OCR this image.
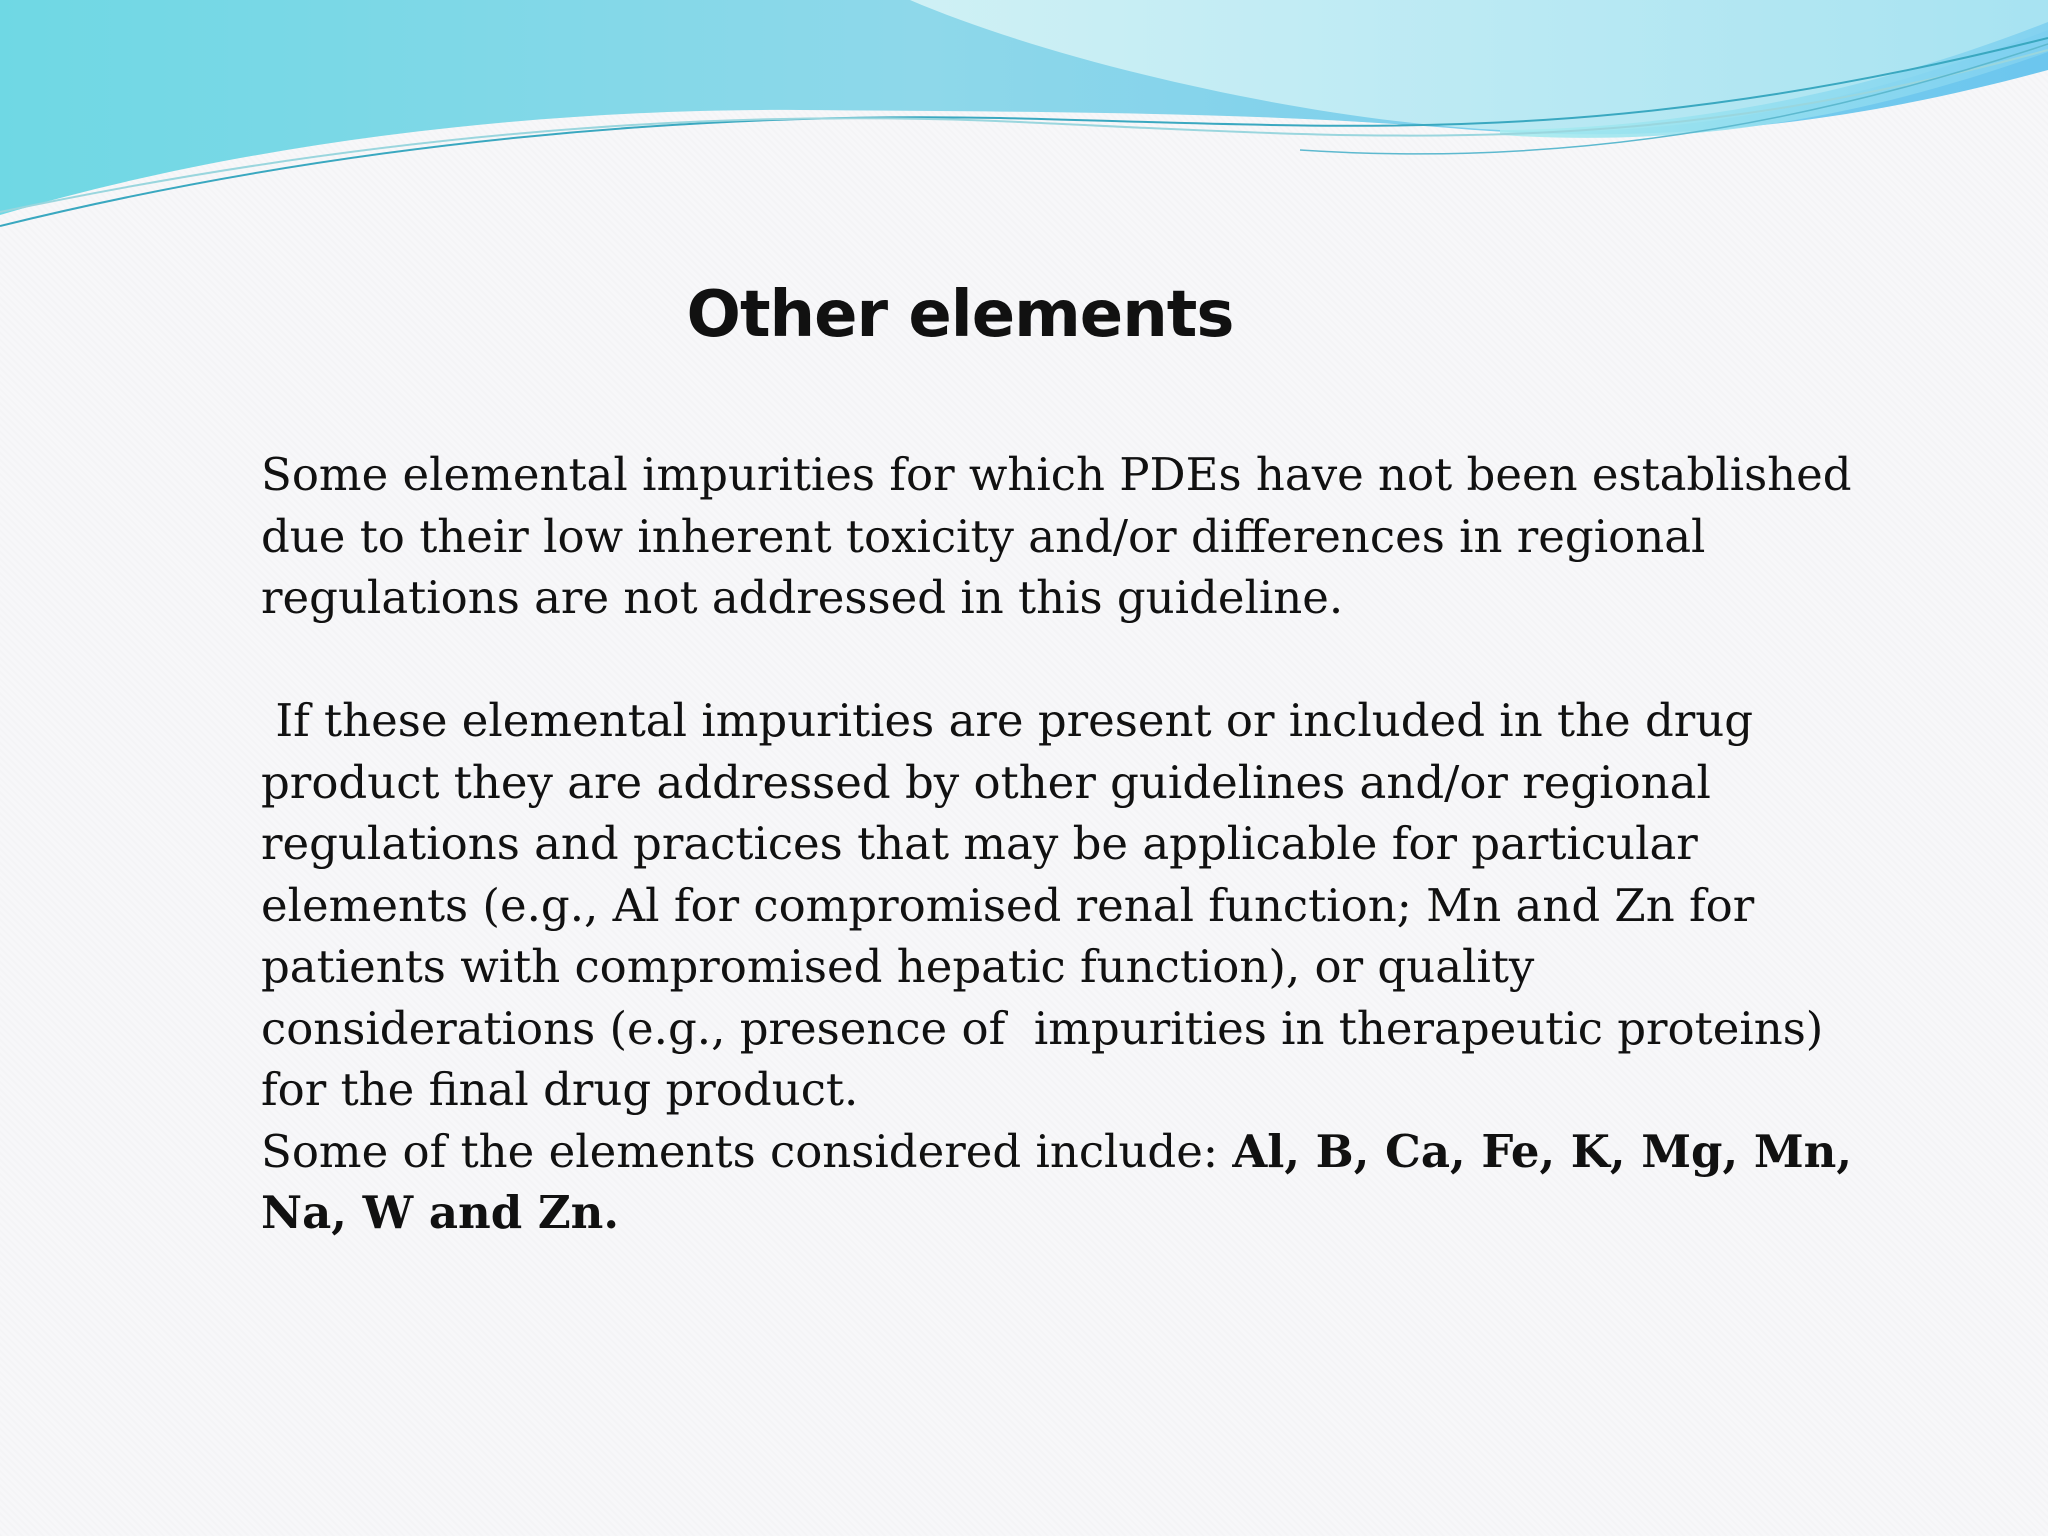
Other elements

Some elemental impurities for which PDEs have not been established due to their low inherent toxicity and/or differences in regional regulations are not addressed in this guideline.

If these elemental impurities are present or included in the drug product they are addressed by other guidelines and/or regional regulations and practices that may be applicable for particular elements (e.g., Al for compromised renal function; Mn and Zn for patients with compromised hepatic function), or quality considerations (e.g., presence of  impurities in therapeutic proteins) for the final drug product.

Some of the elements considered include: Al, B, Ca, Fe, K, Mg, Mn, Na, W and Zn.
